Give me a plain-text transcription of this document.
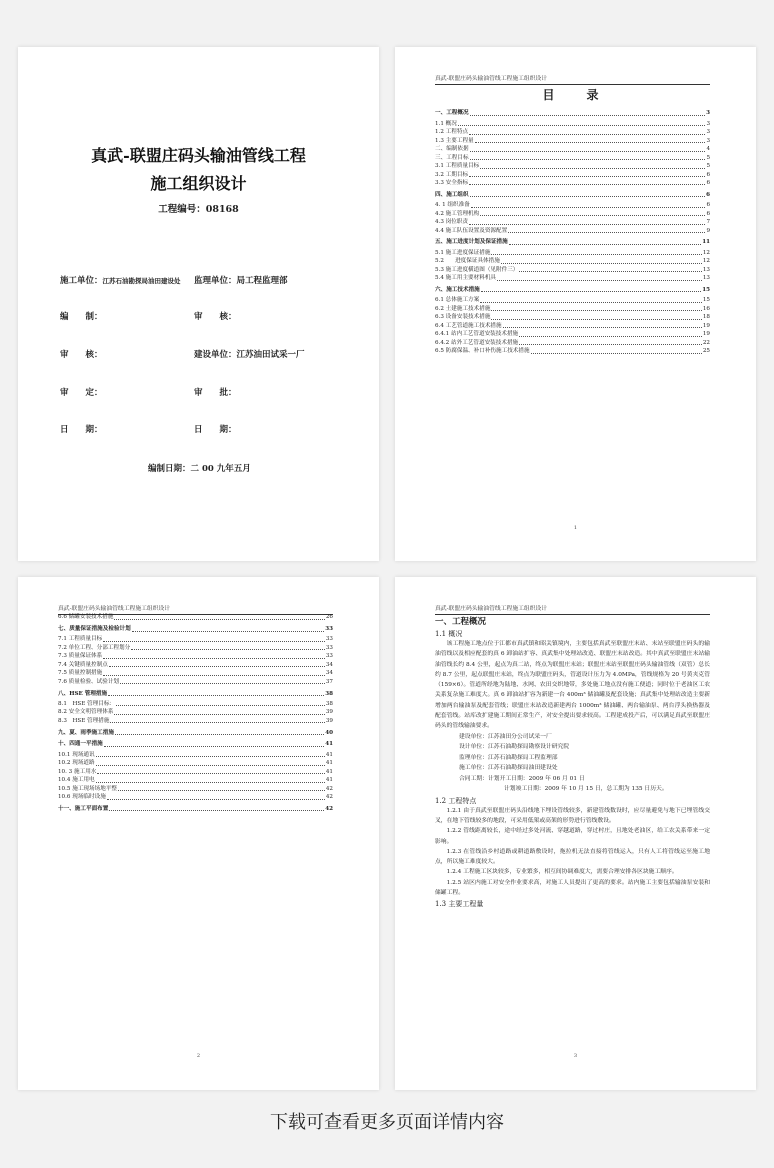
真武-联盟庄码头输油管线工程
施工组织设计
工程编号：08168
施工单位：江苏石油勘探局油田建设处 监理单位：局工程监理部
编　　制：	审　　核：
审　　核：	建设单位：江苏油田试采一厂
审　　定：	审　　批：
日　　期：	日　　期：
编制日期：二 00 九年五月
真武-联盟庄码头输油管线工程施工组织设计
目　录
一、工程概况	3
1.1 概况	3
1.2 工程特点	3
1.3 主要工程量	3
二、编制依据	4
三、工程目标	5
3.1 工程质量目标	5
3.2 工期目标	6
3.3 安全指标	6
四、施工组织	6
4. 1 组织准备	6
4.2 施工管理机构	6
4.3 岗位职责	7
4.4 施工队伍设置及资源配置	9
五、施工进度计划及保证措施	11
5.1 施工进度保证措施	12
5.2　　进度保证具体措施	12
5.3 施工进度横道图（见附件三）	13
5.4 施工用主要材料机具	13
六、施工技术措施	15
6.1 总体施工方案	15
6.2 土建施工技术措施	16
6.3 设备安装技术措施	18
6.4 工艺管道施工技术措施	19
6.4.1 站内工艺管道安装技术措施	19
6.4.2 站外工艺管道安装技术措施	22
6.5 防腐保温、补口补伤施工技术措施	25
1
真武-联盟庄码头输油管线工程施工组织设计
6.6 储罐安装技术措施	26
七、质量保证措施及检验计划	33
7.1 工程质量目标	33
7.2 单位工程、分部工程划分	33
7.3 质量保证体系	33
7.4 关键质量控制点	34
7.5 质量控制措施	34
7.6 质量检验、试验计划	37
八、HSE 管理措施	38
8.1　HSE 管理目标：	38
8.2 安全文明管理体系	39
8.3　HSE 管理措施	39
九、夏、雨季施工措施	40
十、四通一平措施	41
10.1 现场通讯	41
10.2 现场道路	41
10. 3 施工用水	41
10.4 施工用电	41
10.5 施工现场场地平整	42
10.6 现场临时设施	42
十一、施工平面布置	42
2
真武-联盟庄码头输油管线工程施工组织设计
一、工程概况
1.1 概况
该工程施工地点位于江都市真武镇和昭关镇境内，主要包括真武至联盟庄末站、末站至联盟庄码头的输油管线以及相应配套的真 6 卸油站扩容、真武集中处理站改造、联盟庄末站改造。其中真武至联盟庄末站输油管线长约 8.4 公里，起点为真二站，终点为联盟庄末站；联盟庄末站至联盟庄码头输油管线（双管）总长约 8.7 公里，起点联盟庄末站，终点为联盟庄码头，管道设计压力为 4.0MPa，管线规格为 20 号黄夹克管（159×6）。管道所经地为陆地、水网、农田交织地带，多处施工地点没有施工便道；同时位于老油区工农关系复杂施工难度大。真 6 卸油站扩容为新建一台 400m³ 储油罐及配套设施；真武集中处理站改造主要新增加两台输油泵及配套管线；联盟庄末站改造新建两台 1000m³ 储油罐、两台输油泵、两台浮头换热器及配套管线。站库改扩建施工期间正常生产，对安全提出要求较高。工程建成投产后，可以满足真武至联盟庄码头的管线输油要求。
建设单位：江苏油田分公司试采一厂
设计单位：江苏石油勘探局勘察设计研究院
监理单位：江苏石油勘探局工程监理部
施工单位：江苏石油勘探局油田建设处
合同工期：计划开工日期：2009 年 06 月 01 日
计划竣工日期：2009 年 10 月 15 日，总工期为 135 日历天。
1.2 工程特点
1.2.1 由于真武至联盟庄码头沿线地下埋设管线较多，新建管线数设时，应尽量避免与地下已埋管线交叉，在地下管线较多的地段，可采用低架或高架的形势进行管线敷设。
1.2.2 管线距离较长，途中经过多处河流、穿越道路，穿过村庄，且地处老油区，给工农关系带来一定影响。
1.2.3 在管线沿乡村道路或耕道路敷设时，拖拉机无法直接将管线运入，只有人工将管线运至施工地点，所以施工难度较大。
1.2.4 工程施工区块较多，专业繁多，相互间协调难度大，需要合理安排各区块施工顺序。
1.2.5 站区内施工对安全作业要求高，对施工人员提出了更高的要求。站内施工主要包括输油泵安装和储罐工程。
1.3 主要工程量
3
下载可查看更多页面详情内容
